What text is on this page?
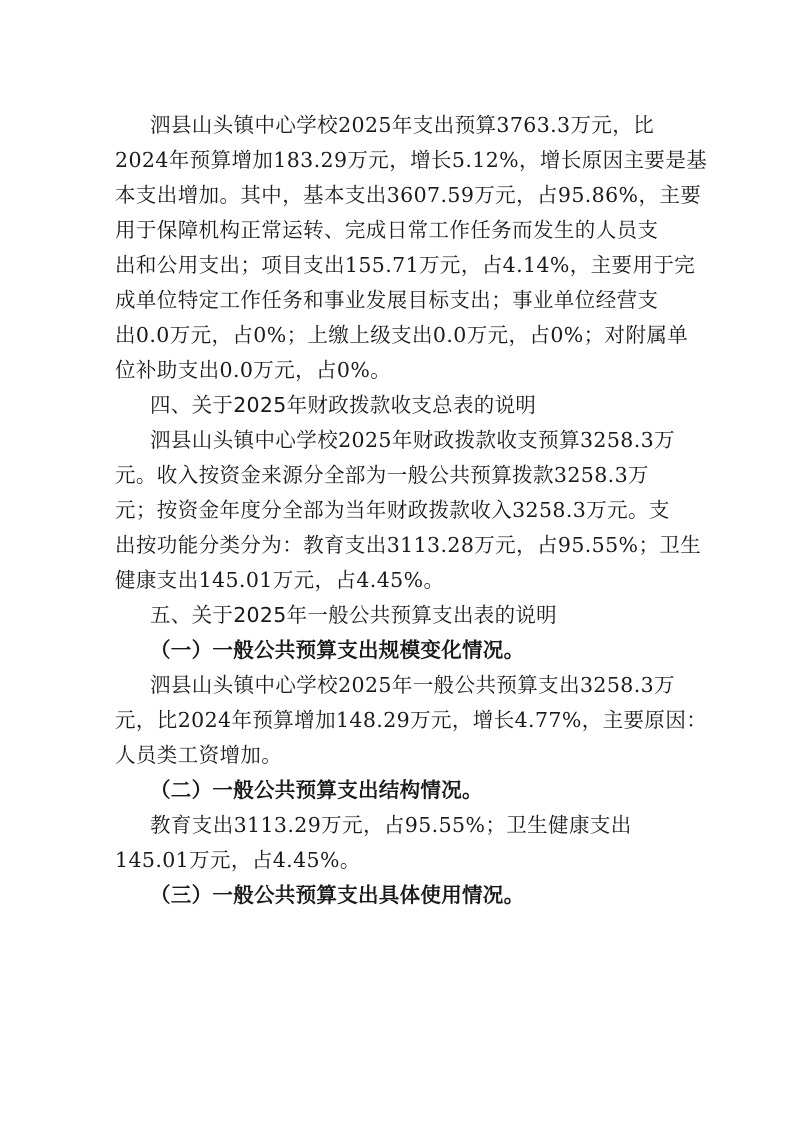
泗县山头镇中心学校2025年支出预算3763.3万元，比
2024年预算增加183.29万元，增长5.12%，增长原因主要是基
本支出增加。其中，基本支出3607.59万元，占95.86%，主要
用于保障机构正常运转、完成日常工作任务而发生的人员支
出和公用支出；项目支出155.71万元，占4.14%，主要用于完
成单位特定工作任务和事业发展目标支出；事业单位经营支
出0.0万元，占0%；上缴上级支出0.0万元，占0%；对附属单
位补助支出0.0万元，占0%。
四、关于2025年财政拨款收支总表的说明
泗县山头镇中心学校2025年财政拨款收支预算3258.3万
元。收入按资金来源分全部为一般公共预算拨款3258.3万
元；按资金年度分全部为当年财政拨款收入3258.3万元。支
出按功能分类分为：教育支出3113.28万元，占95.55%；卫生
健康支出145.01万元，占4.45%。
五、关于2025年一般公共预算支出表的说明
（一）一般公共预算支出规模变化情况。
泗县山头镇中心学校2025年一般公共预算支出3258.3万
元，比2024年预算增加148.29万元，增长4.77%，主要原因：
人员类工资增加。
（二）一般公共预算支出结构情况。
教育支出3113.29万元，占95.55%；卫生健康支出
145.01万元，占4.45%。
（三）一般公共预算支出具体使用情况。
